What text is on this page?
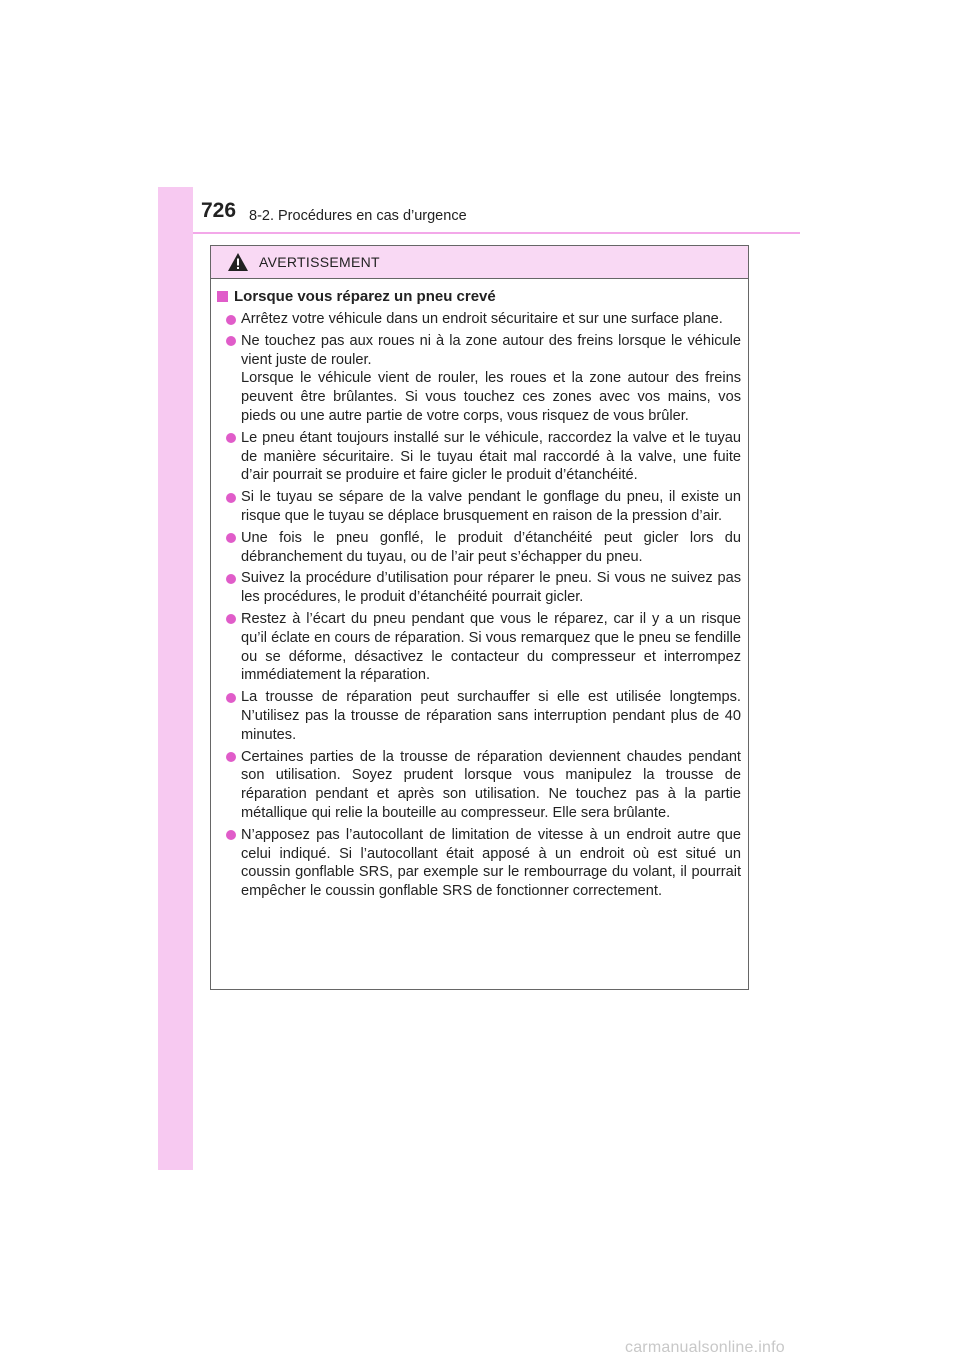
726 8-2. Procédures en cas d’urgence
AVERTISSEMENT
Lorsque vous réparez un pneu crevé
Arrêtez votre véhicule dans un endroit sécuritaire et sur une surface plane.
Ne touchez pas aux roues ni à la zone autour des freins lorsque le véhicule vient juste de rouler.
Lorsque le véhicule vient de rouler, les roues et la zone autour des freins peuvent être brûlantes. Si vous touchez ces zones avec vos mains, vos pieds ou une autre partie de votre corps, vous risquez de vous brûler.
Le pneu étant toujours installé sur le véhicule, raccordez la valve et le tuyau de manière sécuritaire. Si le tuyau était mal raccordé à la valve, une fuite d’air pourrait se produire et faire gicler le produit d’étanchéité.
Si le tuyau se sépare de la valve pendant le gonflage du pneu, il existe un risque que le tuyau se déplace brusquement en raison de la pression d’air.
Une fois le pneu gonflé, le produit d’étanchéité peut gicler lors du débranchement du tuyau, ou de l’air peut s’échapper du pneu.
Suivez la procédure d’utilisation pour réparer le pneu. Si vous ne suivez pas les procédures, le produit d’étanchéité pourrait gicler.
Restez à l’écart du pneu pendant que vous le réparez, car il y a un risque qu’il éclate en cours de réparation. Si vous remarquez que le pneu se fendille ou se déforme, désactivez le contacteur du compresseur et interrompez immédiatement la réparation.
La trousse de réparation peut surchauffer si elle est utilisée longtemps. N’utilisez pas la trousse de réparation sans interruption pendant plus de 40 minutes.
Certaines parties de la trousse de réparation deviennent chaudes pendant son utilisation. Soyez prudent lorsque vous manipulez la trousse de réparation pendant et après son utilisation. Ne touchez pas à la partie métallique qui relie la bouteille au compresseur. Elle sera brûlante.
N’apposez pas l’autocollant de limitation de vitesse à un endroit autre que celui indiqué. Si l’autocollant était apposé à un endroit où est situé un coussin gonflable SRS, par exemple sur le rembourrage du volant, il pourrait empêcher le coussin gonflable SRS de fonctionner correctement.
carmanualsonline.info
